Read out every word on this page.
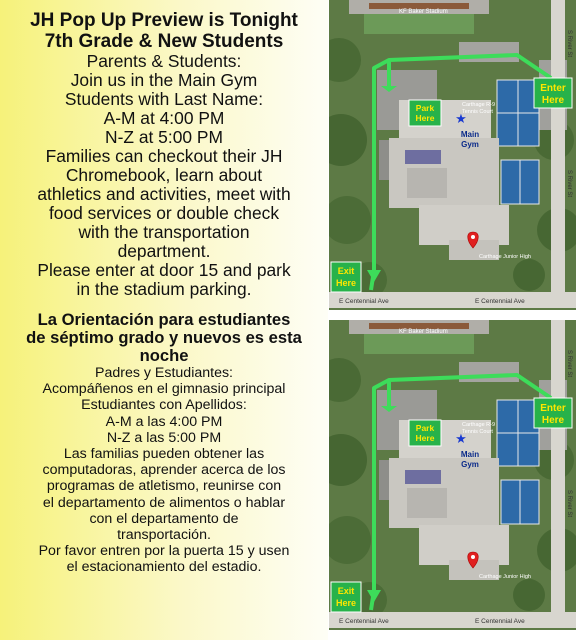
JH Pop Up Preview is Tonight
7th Grade & New Students
Parents & Students:
Join us in the Main Gym
Students with Last Name:
A-M at 4:00 PM
N-Z at 5:00 PM
Families can checkout their JH
Chromebook, learn about
athletics and activities, meet with
food services or double check
with the transportation
department.
Please enter at door 15 and park
in the stadium parking.
La Orientación para estudiantes
de séptimo grado y nuevos es esta
noche
Padres y Estudiantes:
Acompáñenos en el gimnasio principal
Estudiantes con Apellidos:
A-M a las 4:00 PM
N-Z a las 5:00 PM
Las familias pueden obtener las
computadoras, aprender acerca de los
programas de atletismo, reunirse con
el departamento de alimentos o hablar
con el departamento de
transportación.
Por favor entren por la puerta 15 y usen
el estacionamiento del estadio.
KF Baker Stadium
Carthage R-9
Tennis Court
Carthage Junior High
S River St
S River St
E Centennial Ave	E Centennial Ave
Park
Here ★
Main
Gym
Enter
Here
Exit
Here
KF Baker Stadium
Carthage R-9
Tennis Court
Carthage Junior High
S River St
S River St
E Centennial Ave	E Centennial Ave
Park
Here ★
Main
Gym
Enter
Here
Exit
Here
